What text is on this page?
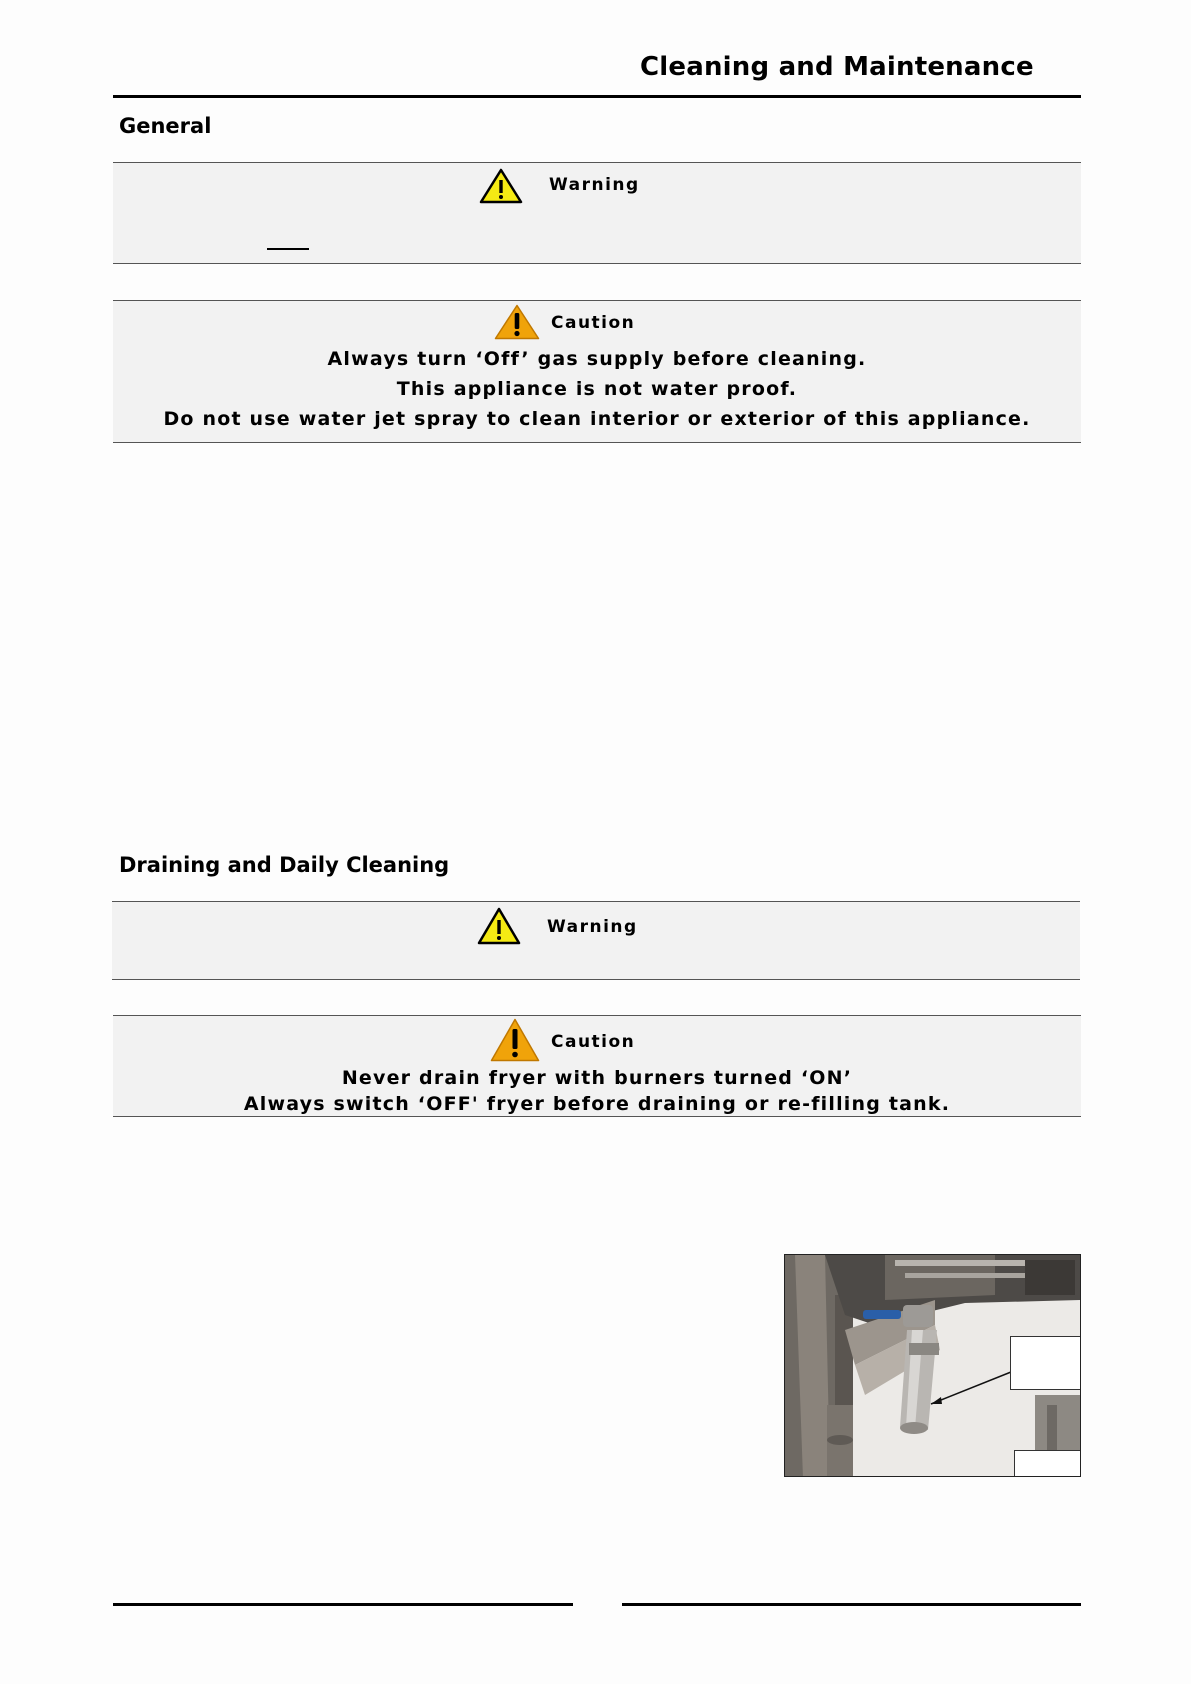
Cleaning and Maintenance
General
Warning
Caution
Always turn ‘Off’ gas supply before cleaning.
This appliance is not water proof.
Do not use water jet spray to clean interior or exterior of this appliance.
Draining and Daily Cleaning
Warning
Caution
Never drain fryer with burners turned ‘ON’
Always switch ‘OFF' fryer before draining or re-filling tank.
